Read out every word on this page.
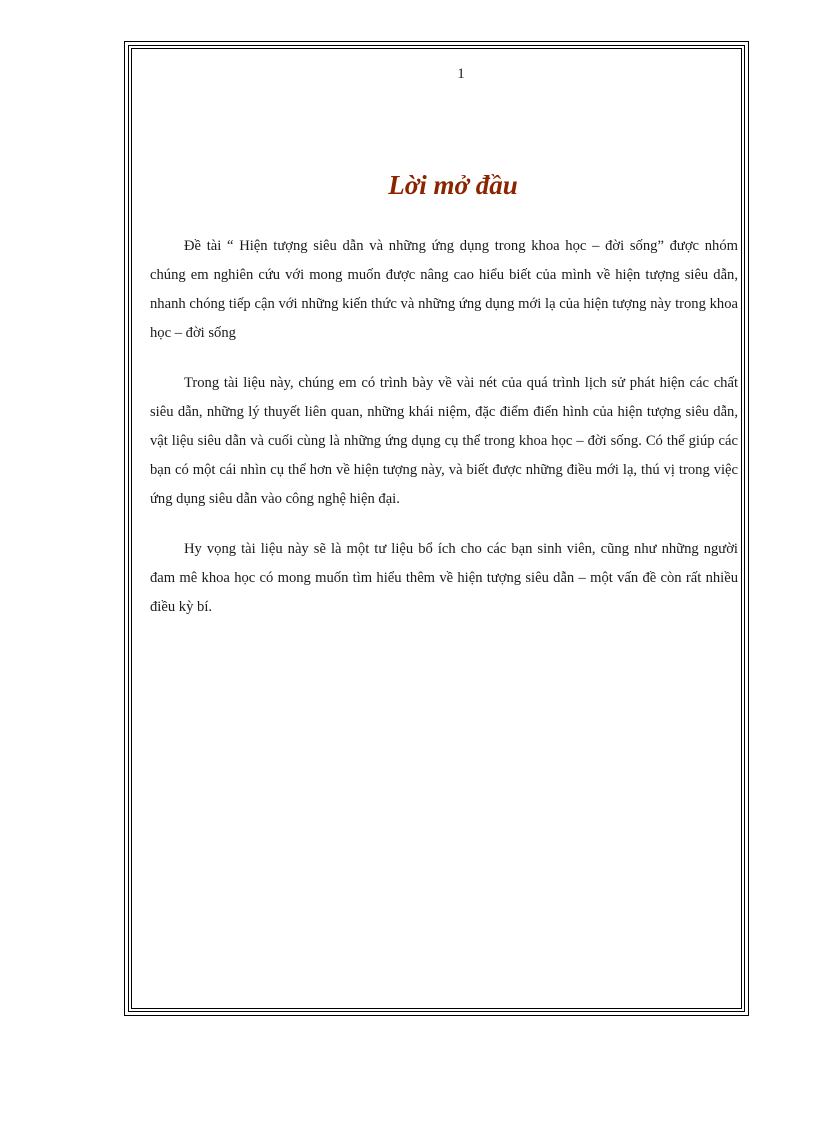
1
Lời mở đầu

Đề tài “ Hiện tượng siêu dẫn và những ứng dụng trong khoa học – đời sống” được nhóm chúng em nghiên cứu với mong muốn được nâng cao hiểu biết của mình về hiện tượng siêu dẫn, nhanh chóng tiếp cận với những kiến thức và những ứng dụng mới lạ của hiện tượng này trong khoa học – đời sống

Trong tài liệu này, chúng em có trình bày về vài nét của quá trình lịch sử phát hiện các chất siêu dẫn, những lý thuyết liên quan, những khái niệm, đặc điểm điển hình của hiện tượng siêu dẫn, vật liệu siêu dẫn và cuối cùng là những ứng dụng cụ thể trong khoa học – đời sống. Có thể giúp các bạn có một cái nhìn cụ thể hơn về hiện tượng này, và biết được những điều mới lạ, thú vị trong việc ứng dụng siêu dẫn vào công nghệ hiện đại.

Hy vọng tài liệu này sẽ là một tư liệu bổ ích cho các bạn sinh viên, cũng như những người đam mê khoa học có mong muốn tìm hiểu thêm về hiện tượng siêu dẫn – một vấn đề còn rất nhiều điều kỳ bí.
